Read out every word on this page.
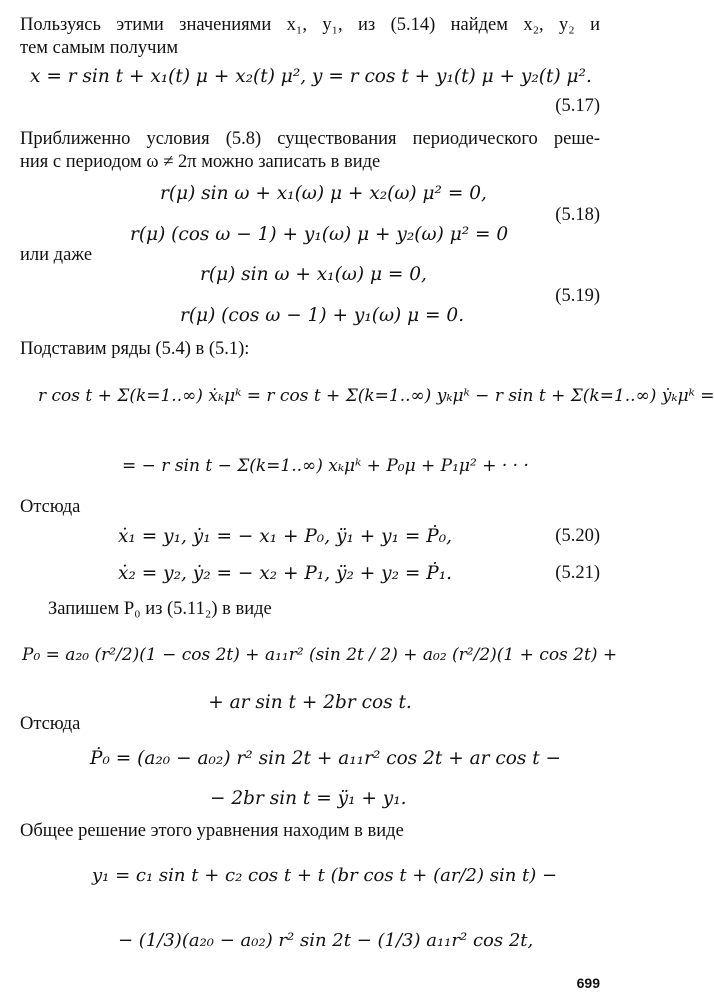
Пользуясь этими значениями x₁, y₁, из (5.14) найдем x₂, y₂ и
тем самым получим
x = r sin t + x₁(t) μ + x₂(t) μ², y = r cos t + y₁(t) μ + y₂(t) μ².
(5.17)
Приближенно условия (5.8) существования периодического реше-
ния с периодом ω ≠ 2π можно записать в виде
r(μ) sin ω + x₁(ω) μ + x₂(ω) μ² = 0,
(5.18)
r(μ) (cos ω − 1) + y₁(ω) μ + y₂(ω) μ² = 0
или даже
r(μ) sin ω + x₁(ω) μ = 0,
(5.19)
r(μ) (cos ω − 1) + y₁(ω) μ = 0.
Подставим ряды (5.4) в (5.1):
r cos t + Σ(k=1..∞) ẋₖμᵏ = r cos t + Σ(k=1..∞) yₖμᵏ − r sin t + Σ(k=1..∞) ẏₖμᵏ =
= − r sin t − Σ(k=1..∞) xₖμᵏ + P₀μ + P₁μ² + · · ·
Отсюда
ẋ₁ = y₁, ẏ₁ = − x₁ + P₀, ÿ₁ + y₁ = Ṗ₀,	(5.20)
ẋ₂ = y₂, ẏ₂ = − x₂ + P₁, ÿ₂ + y₂ = Ṗ₁.	(5.21)
Запишем P₀ из (5.11₂) в виде
P₀ = a₂₀ (r²/2)(1 − cos 2t) + a₁₁r² (sin 2t / 2) + a₀₂ (r²/2)(1 + cos 2t) +
+ ar sin t + 2br cos t.
Отсюда
Ṗ₀ = (a₂₀ − a₀₂) r² sin 2t + a₁₁r² cos 2t + ar cos t −
− 2br sin t = ÿ₁ + y₁.
Общее решение этого уравнения находим в виде
y₁ = c₁ sin t + c₂ cos t + t (br cos t + (ar/2) sin t) −
− (1/3)(a₂₀ − a₀₂) r² sin 2t − (1/3) a₁₁r² cos 2t,
699
